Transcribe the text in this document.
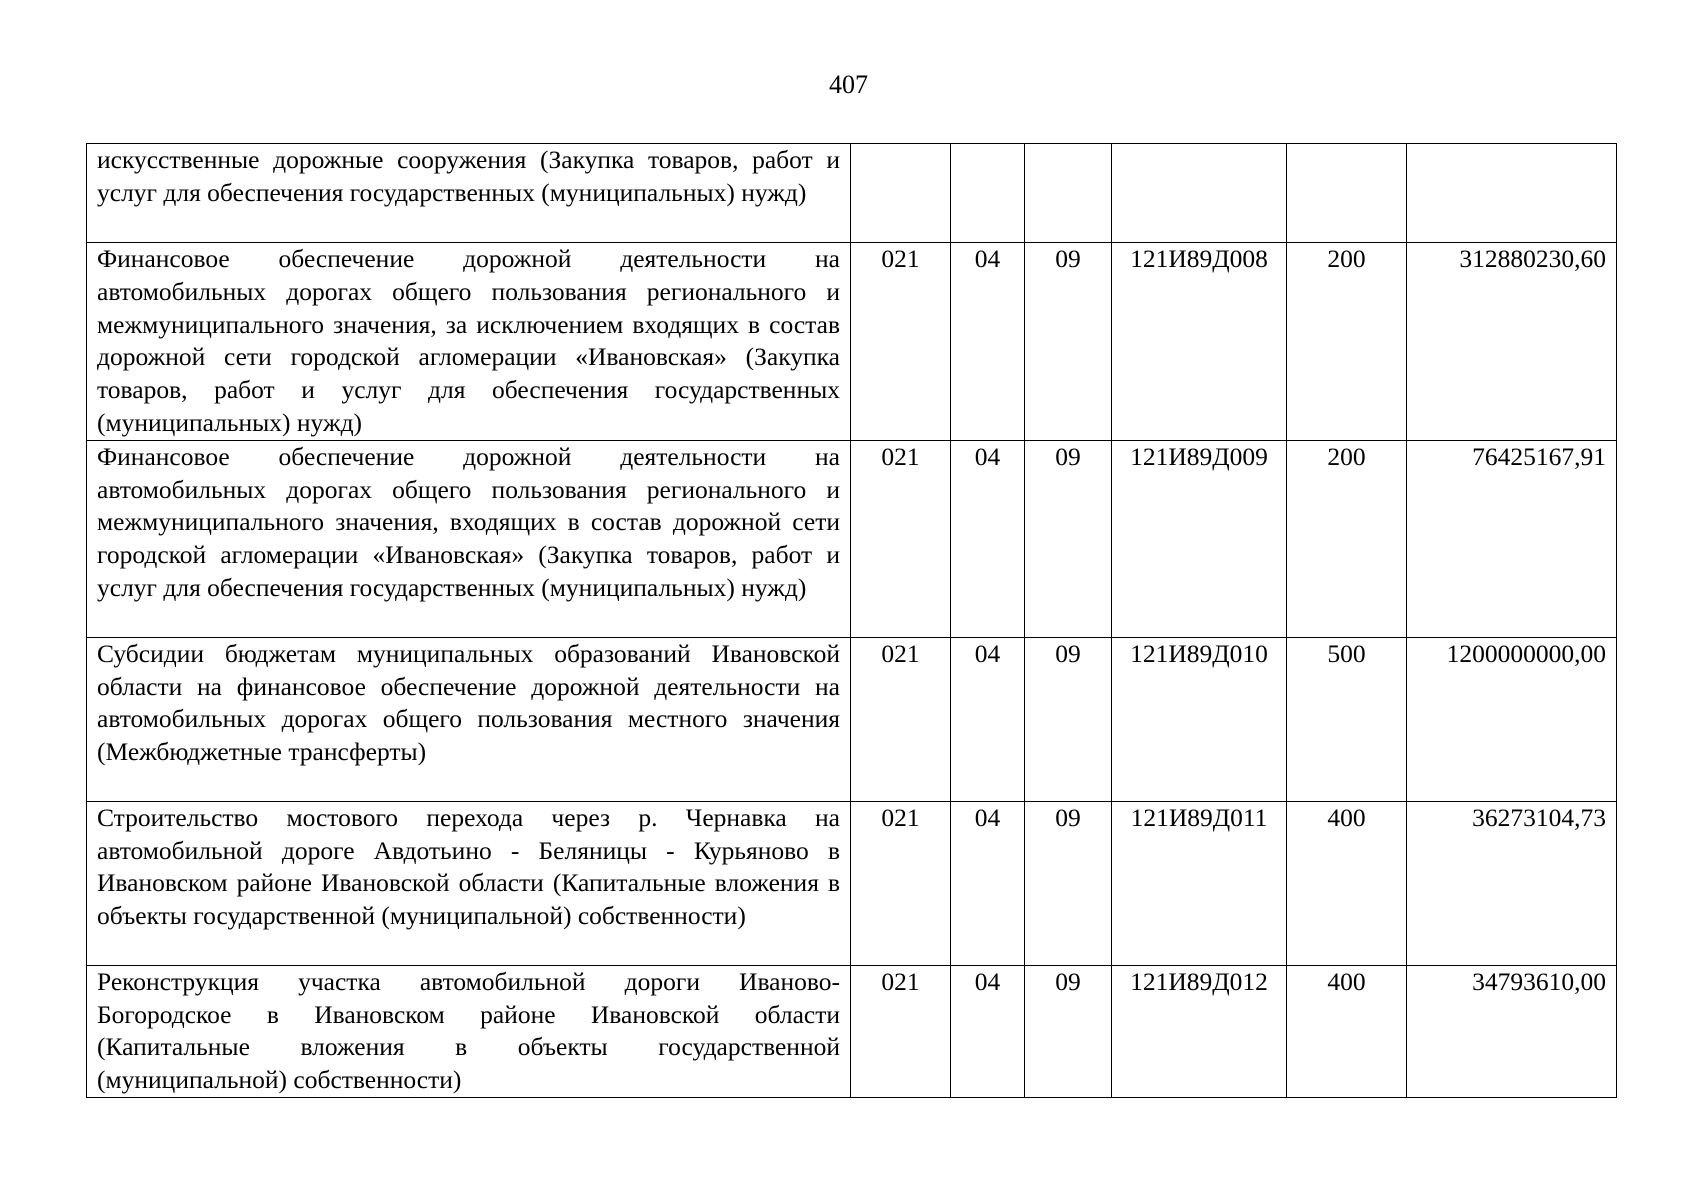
407
искусственные дорожные сооружения (Закупка товаров, работ и услуг для обеспечения государственных (муниципальных) нужд)						
Финансовое обеспечение дорожной деятельности на автомобильных дорогах общего пользования регионального и межмуниципального значения, за исключением входящих в состав дорожной сети городской агломерации «Ивановская» (Закупка товаров, работ и услуг для обеспечения государственных (муниципальных) нужд)	021	04	09	121И89Д008	200	312880230,60
Финансовое обеспечение дорожной деятельности на автомобильных дорогах общего пользования регионального и межмуниципального значения, входящих в состав дорожной сети городской агломерации «Ивановская» (Закупка товаров, работ и услуг для обеспечения государственных (муниципальных) нужд)	021	04	09	121И89Д009	200	76425167,91
Субсидии бюджетам муниципальных образований Ивановской области на финансовое обеспечение дорожной деятельности на автомобильных дорогах общего пользования местного значения (Межбюджетные трансферты)	021	04	09	121И89Д010	500	1200000000,00
Строительство мостового перехода через р. Чернавка на автомобильной дороге Авдотьино - Беляницы - Курьяново в Ивановском районе Ивановской области (Капитальные вложения в объекты государственной (муниципальной) собственности)	021	04	09	121И89Д011	400	36273104,73
Реконструкция участка автомобильной дороги Иваново-Богородское в Ивановском районе Ивановской области (Капитальные вложения в объекты государственной (муниципальной) собственности)	021	04	09	121И89Д012	400	34793610,00
